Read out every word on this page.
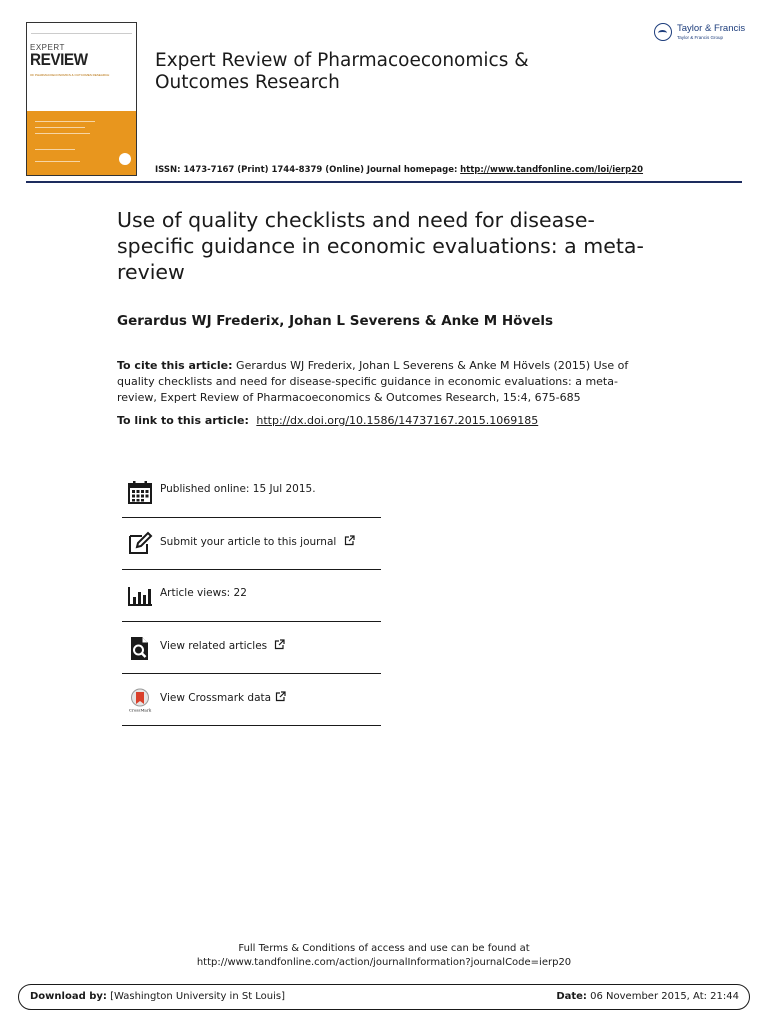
EXPERT
REVIEW
OF PHARMACOECONOMICS & OUTCOMES RESEARCH
Expert Review of Pharmacoeconomics & Outcomes Research
Taylor & Francis
Taylor & Francis Group
ISSN: 1473-7167 (Print) 1744-8379 (Online) Journal homepage: http://www.tandfonline.com/loi/ierp20
Use of quality checklists and need for disease-specific guidance in economic evaluations: a meta-review
Gerardus WJ Frederix, Johan L Severens & Anke M Hövels
To cite this article: Gerardus WJ Frederix, Johan L Severens & Anke M Hövels (2015) Use of quality checklists and need for disease-specific guidance in economic evaluations: a meta-review, Expert Review of Pharmacoeconomics & Outcomes Research, 15:4, 675-685
To link to this article: http://dx.doi.org/10.1586/14737167.2015.1069185
Published online: 15 Jul 2015.
Submit your article to this journal
Article views: 22
View related articles
CrossMark
View Crossmark data
Full Terms & Conditions of access and use can be found at
http://www.tandfonline.com/action/journalInformation?journalCode=ierp20
Download by: [Washington University in St Louis]	Date: 06 November 2015, At: 21:44
